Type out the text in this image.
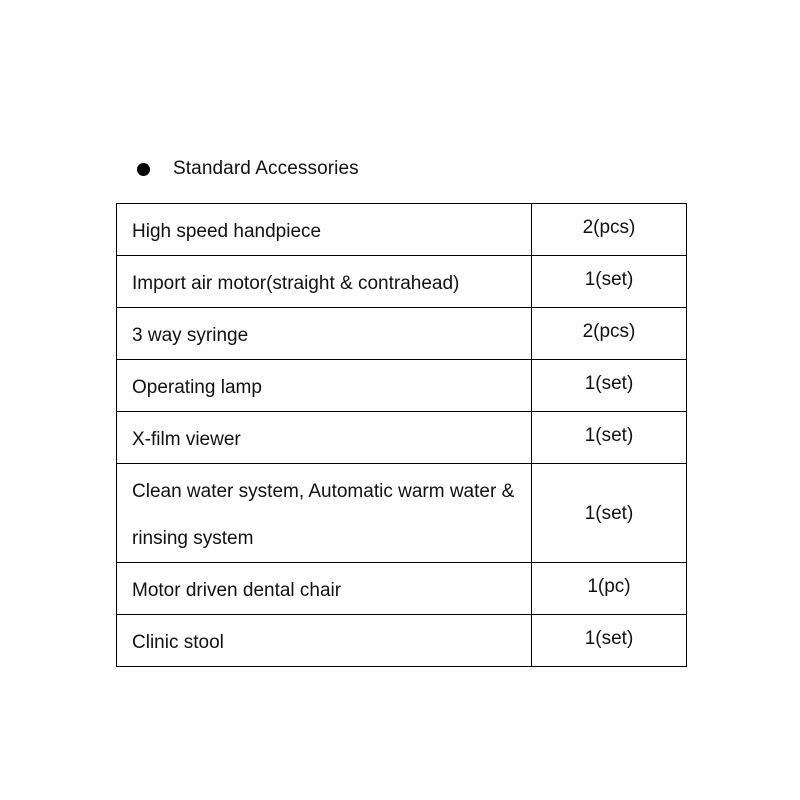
Standard Accessories
High speed handpiece	2(pcs)

Import air motor(straight & contrahead)	1(set)

3 way syringe	2(pcs)

Operating lamp	1(set)

X-film viewer	1(set)

Clean water system, Automatic warm water & rinsing system	1(set)

Motor driven dental chair	1(pc)

Clinic stool	1(set)
